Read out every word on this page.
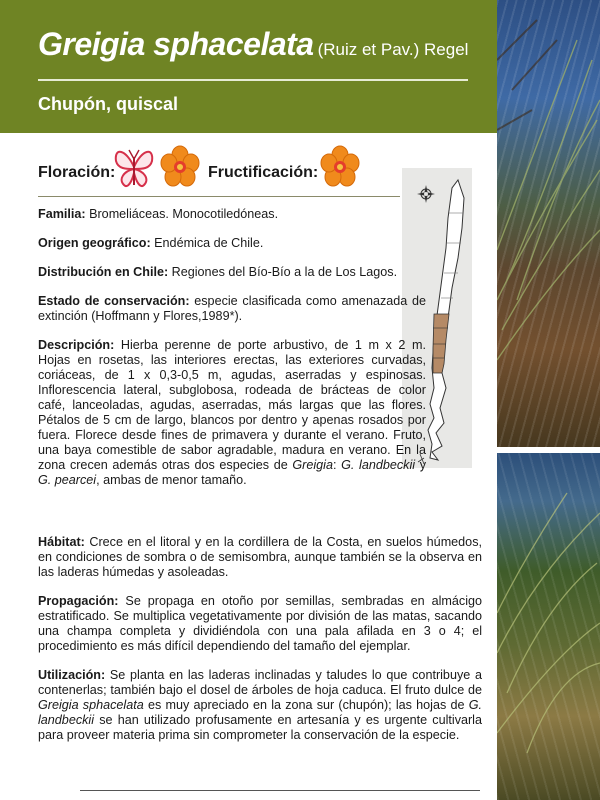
Greigia sphacelata (Ruiz et Pav.) Regel
Chupón, quiscal
Floración:	Fructificación:

Familia: Bromeliáceas. Monocotiledóneas.

Origen geográfico: Endémica de Chile.

Distribución en Chile: Regiones del Bío-Bío a la de Los Lagos.

Estado de conservación: especie clasificada como amenazada de extinción (Hoffmann y Flores,1989*).

Descripción: Hierba perenne de porte arbustivo, de 1 m x 2 m. Hojas en rosetas, las interiores erectas, las exteriores curvadas, coriáceas, de 1 x 0,3-0,5 m, agudas, aserradas y espinosas. Inflorescencia lateral, subglobosa, rodeada de brácteas de color café, lanceoladas, agudas, aserradas, más largas que las flores. Pétalos de 5 cm de largo, blancos por dentro y apenas rosados por fuera. Florece desde fines de primavera y durante el verano. Fruto, una baya comestible de sabor agradable, madura en verano. En la zona crecen además otras dos especies de Greigia: G. landbeckii y G. pearcei, ambas de menor tamaño.

Hábitat: Crece en el litoral y en la cordillera de la Costa, en suelos húmedos, en condiciones de sombra o de semisombra, aunque también se la observa en las laderas húmedas y asoleadas.

Propagación: Se propaga en otoño por semillas, sembradas en almácigo estratificado. Se multiplica vegetativamente por división de las matas, sacando una champa completa y dividiéndola con una pala afilada en 3 o 4; el procedimiento es más difícil dependiendo del tamaño del ejemplar.

Utilización: Se planta en las laderas inclinadas y taludes lo que contribuye a contenerlas; también bajo el dosel de árboles de hoja caduca. El fruto dulce de Greigia sphacelata es muy apreciado en la zona sur (chupón); las hojas de G. landbeckii se han utilizado profusamente en artesanía y es urgente cultivarla para proveer materia prima sin comprometer la conservación de la especie.
